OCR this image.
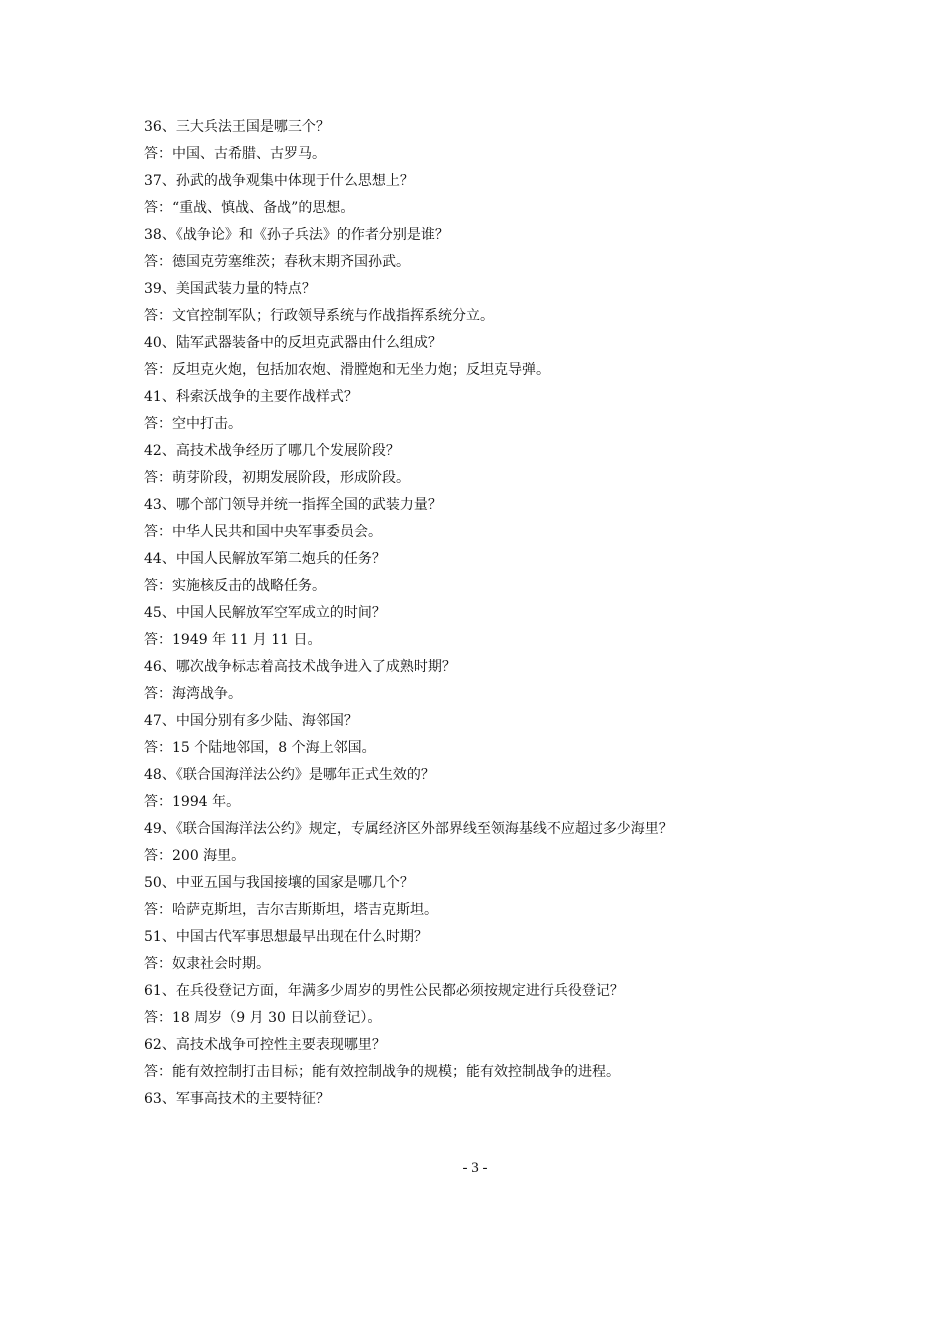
36、三大兵法王国是哪三个？
答：中国、古希腊、古罗马。
37、孙武的战争观集中体现于什么思想上？
答：“重战、慎战、备战”的思想。
38、《战争论》和《孙子兵法》的作者分别是谁？
答：德国克劳塞维茨；春秋末期齐国孙武。
39、美国武装力量的特点？
答：文官控制军队；行政领导系统与作战指挥系统分立。
40、陆军武器装备中的反坦克武器由什么组成？
答：反坦克火炮，包括加农炮、滑膛炮和无坐力炮；反坦克导弹。
41、科索沃战争的主要作战样式？
答：空中打击。
42、高技术战争经历了哪几个发展阶段？
答：萌芽阶段，初期发展阶段，形成阶段。
43、哪个部门领导并统一指挥全国的武装力量？
答：中华人民共和国中央军事委员会。
44、中国人民解放军第二炮兵的任务？
答：实施核反击的战略任务。
45、中国人民解放军空军成立的时间？
答：1949 年 11 月 11 日。
46、哪次战争标志着高技术战争进入了成熟时期？
答：海湾战争。
47、中国分别有多少陆、海邻国？
答：15 个陆地邻国，8 个海上邻国。
48、《联合国海洋法公约》是哪年正式生效的？
答：1994 年。
49、《联合国海洋法公约》规定，专属经济区外部界线至领海基线不应超过多少海里？
答：200 海里。
50、中亚五国与我国接壤的国家是哪几个？
答：哈萨克斯坦，吉尔吉斯斯坦，塔吉克斯坦。
51、中国古代军事思想最早出现在什么时期？
答：奴隶社会时期。
61、在兵役登记方面，年满多少周岁的男性公民都必须按规定进行兵役登记？
答：18 周岁（9 月 30 日以前登记）。
62、高技术战争可控性主要表现哪里？
答：能有效控制打击目标；能有效控制战争的规模；能有效控制战争的进程。
63、军事高技术的主要特征？
- 3 -
